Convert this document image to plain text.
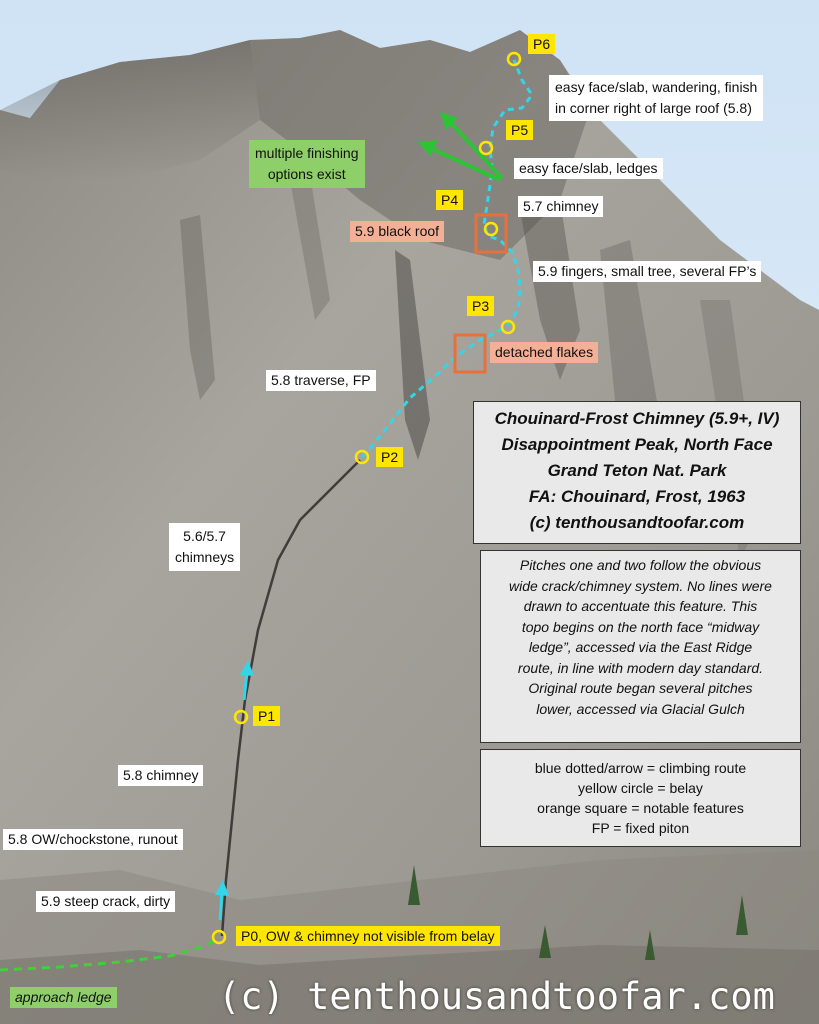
P6
P5
P4
P3
P2
P1
P0, OW & chimney not visible from belay
easy face/slab, wandering, finish
in corner right of large roof (5.8)
easy face/slab, ledges
multiple finishing
options exist
5.7 chimney
5.9 black roof
5.9 fingers, small tree, several FP’s
detached flakes
5.8 traverse, FP
5.6/5.7
chimneys
5.8 chimney
5.8 OW/chockstone, runout
5.9 steep crack, dirty
approach ledge
Chouinard-Frost Chimney (5.9+, IV)
Disappointment Peak, North Face
Grand Teton Nat. Park
FA: Chouinard, Frost, 1963
(c) tenthousandtoofar.com
Pitches one and two follow the obvious
wide crack/chimney system. No lines were
drawn to accentuate this feature. This
topo begins on the north face “midway
ledge”, accessed via the East Ridge
route, in line with modern day standard.
Original route began several pitches
lower, accessed via Glacial Gulch
blue dotted/arrow = climbing route
yellow circle = belay
orange square = notable features
FP = fixed piton
(c) tenthousandtoofar.com
